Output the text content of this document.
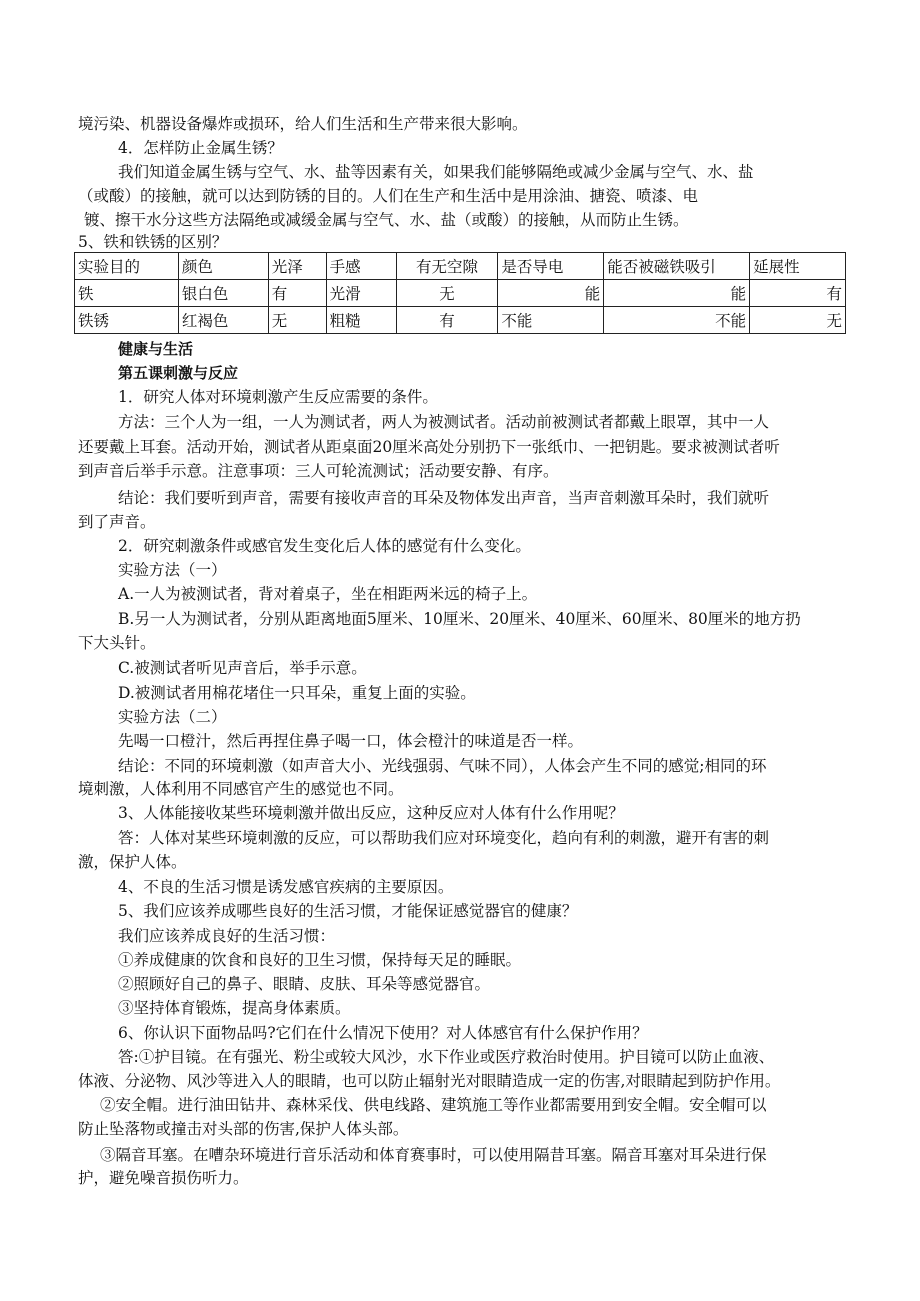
境污染、机器设备爆炸或损环，给人们生活和生产带来很大影响。
4．怎样防止金属生锈？
我们知道金属生锈与空气、水、盐等因素有关，如果我们能够隔绝或减少金属与空气、水、盐
（或酸）的接触，就可以达到防锈的目的。人们在生产和生活中是用涂油、搪瓷、喷漆、电
镀、擦干水分这些方法隔绝或减缓金属与空气、水、盐（或酸）的接触，从而防止生锈。
5、铁和铁锈的区别？
实验目的	颜色	光泽	手感	有无空隙	是否导电	能否被磁铁吸引	延展性
铁	银白色	有	光滑	无	能	能	有
铁锈	红褐色	无	粗糙	有	不能	不能	无
健康与生活
第五课刺激与反应
1．研究人体对环境刺激产生反应需要的条件。
方法：三个人为一组，一人为测试者，两人为被测试者。活动前被测试者都戴上眼罩，其中一人
还要戴上耳套。活动开始，测试者从距桌面20厘米高处分别扔下一张纸巾、一把钥匙。要求被测试者听
到声音后举手示意。注意事项：三人可轮流测试；活动要安静、有序。
结论：我们要听到声音，需要有接收声音的耳朵及物体发出声音，当声音刺激耳朵时，我们就听
到了声音。
2．研究刺激条件或感官发生变化后人体的感觉有什么变化。
实验方法（一）
A.一人为被测试者，背对着桌子，坐在相距两米远的椅子上。
B.另一人为测试者，分别从距离地面5厘米、10厘米、20厘米、40厘米、60厘米、80厘米的地方扔
下大头针。
C.被测试者听见声音后，举手示意。
D.被测试者用棉花堵住一只耳朵，重复上面的实验。
实验方法（二）
先喝一口橙汁，然后再捏住鼻子喝一口，体会橙汁的味道是否一样。
结论：不同的环境刺激（如声音大小、光线强弱、气味不同），人体会产生不同的感觉;相同的环
境刺激，人体利用不同感官产生的感觉也不同。
3、人体能接收某些环境刺激并做出反应，这种反应对人体有什么作用呢？
答：人体对某些环境刺激的反应，可以帮助我们应对环境变化，趋向有利的刺激，避开有害的刺
激，保护人体。
4、不良的生活习惯是诱发感官疾病的主要原因。
5、我们应该养成哪些良好的生活习惯，才能保证感觉器官的健康？
我们应该养成良好的生活习惯：
①养成健康的饮食和良好的卫生习惯，保持每天足的睡眠。
②照顾好自己的鼻子、眼睛、皮肤、耳朵等感觉器官。
③坚持体育锻炼，提高身体素质。
6、你认识下面物品吗?它们在什么情况下使用？对人体感官有什么保护作用？
答:①护目镜。在有强光、粉尘或较大风沙，水下作业或医疗救治时使用。护目镜可以防止血液、
体液、分泌物、风沙等进入人的眼睛，也可以防止辐射光对眼睛造成一定的伤害,对眼睛起到防护作用。
②安全帽。进行油田钻井、森林采伐、供电线路、建筑施工等作业都需要用到安全帽。安全帽可以
防止坠落物或撞击对头部的伤害,保护人体头部。
③隔音耳塞。在嘈杂环境进行音乐活动和体育赛事时，可以使用隔昔耳塞。隔音耳塞对耳朵进行保
护，避免噪音损伤听力。
